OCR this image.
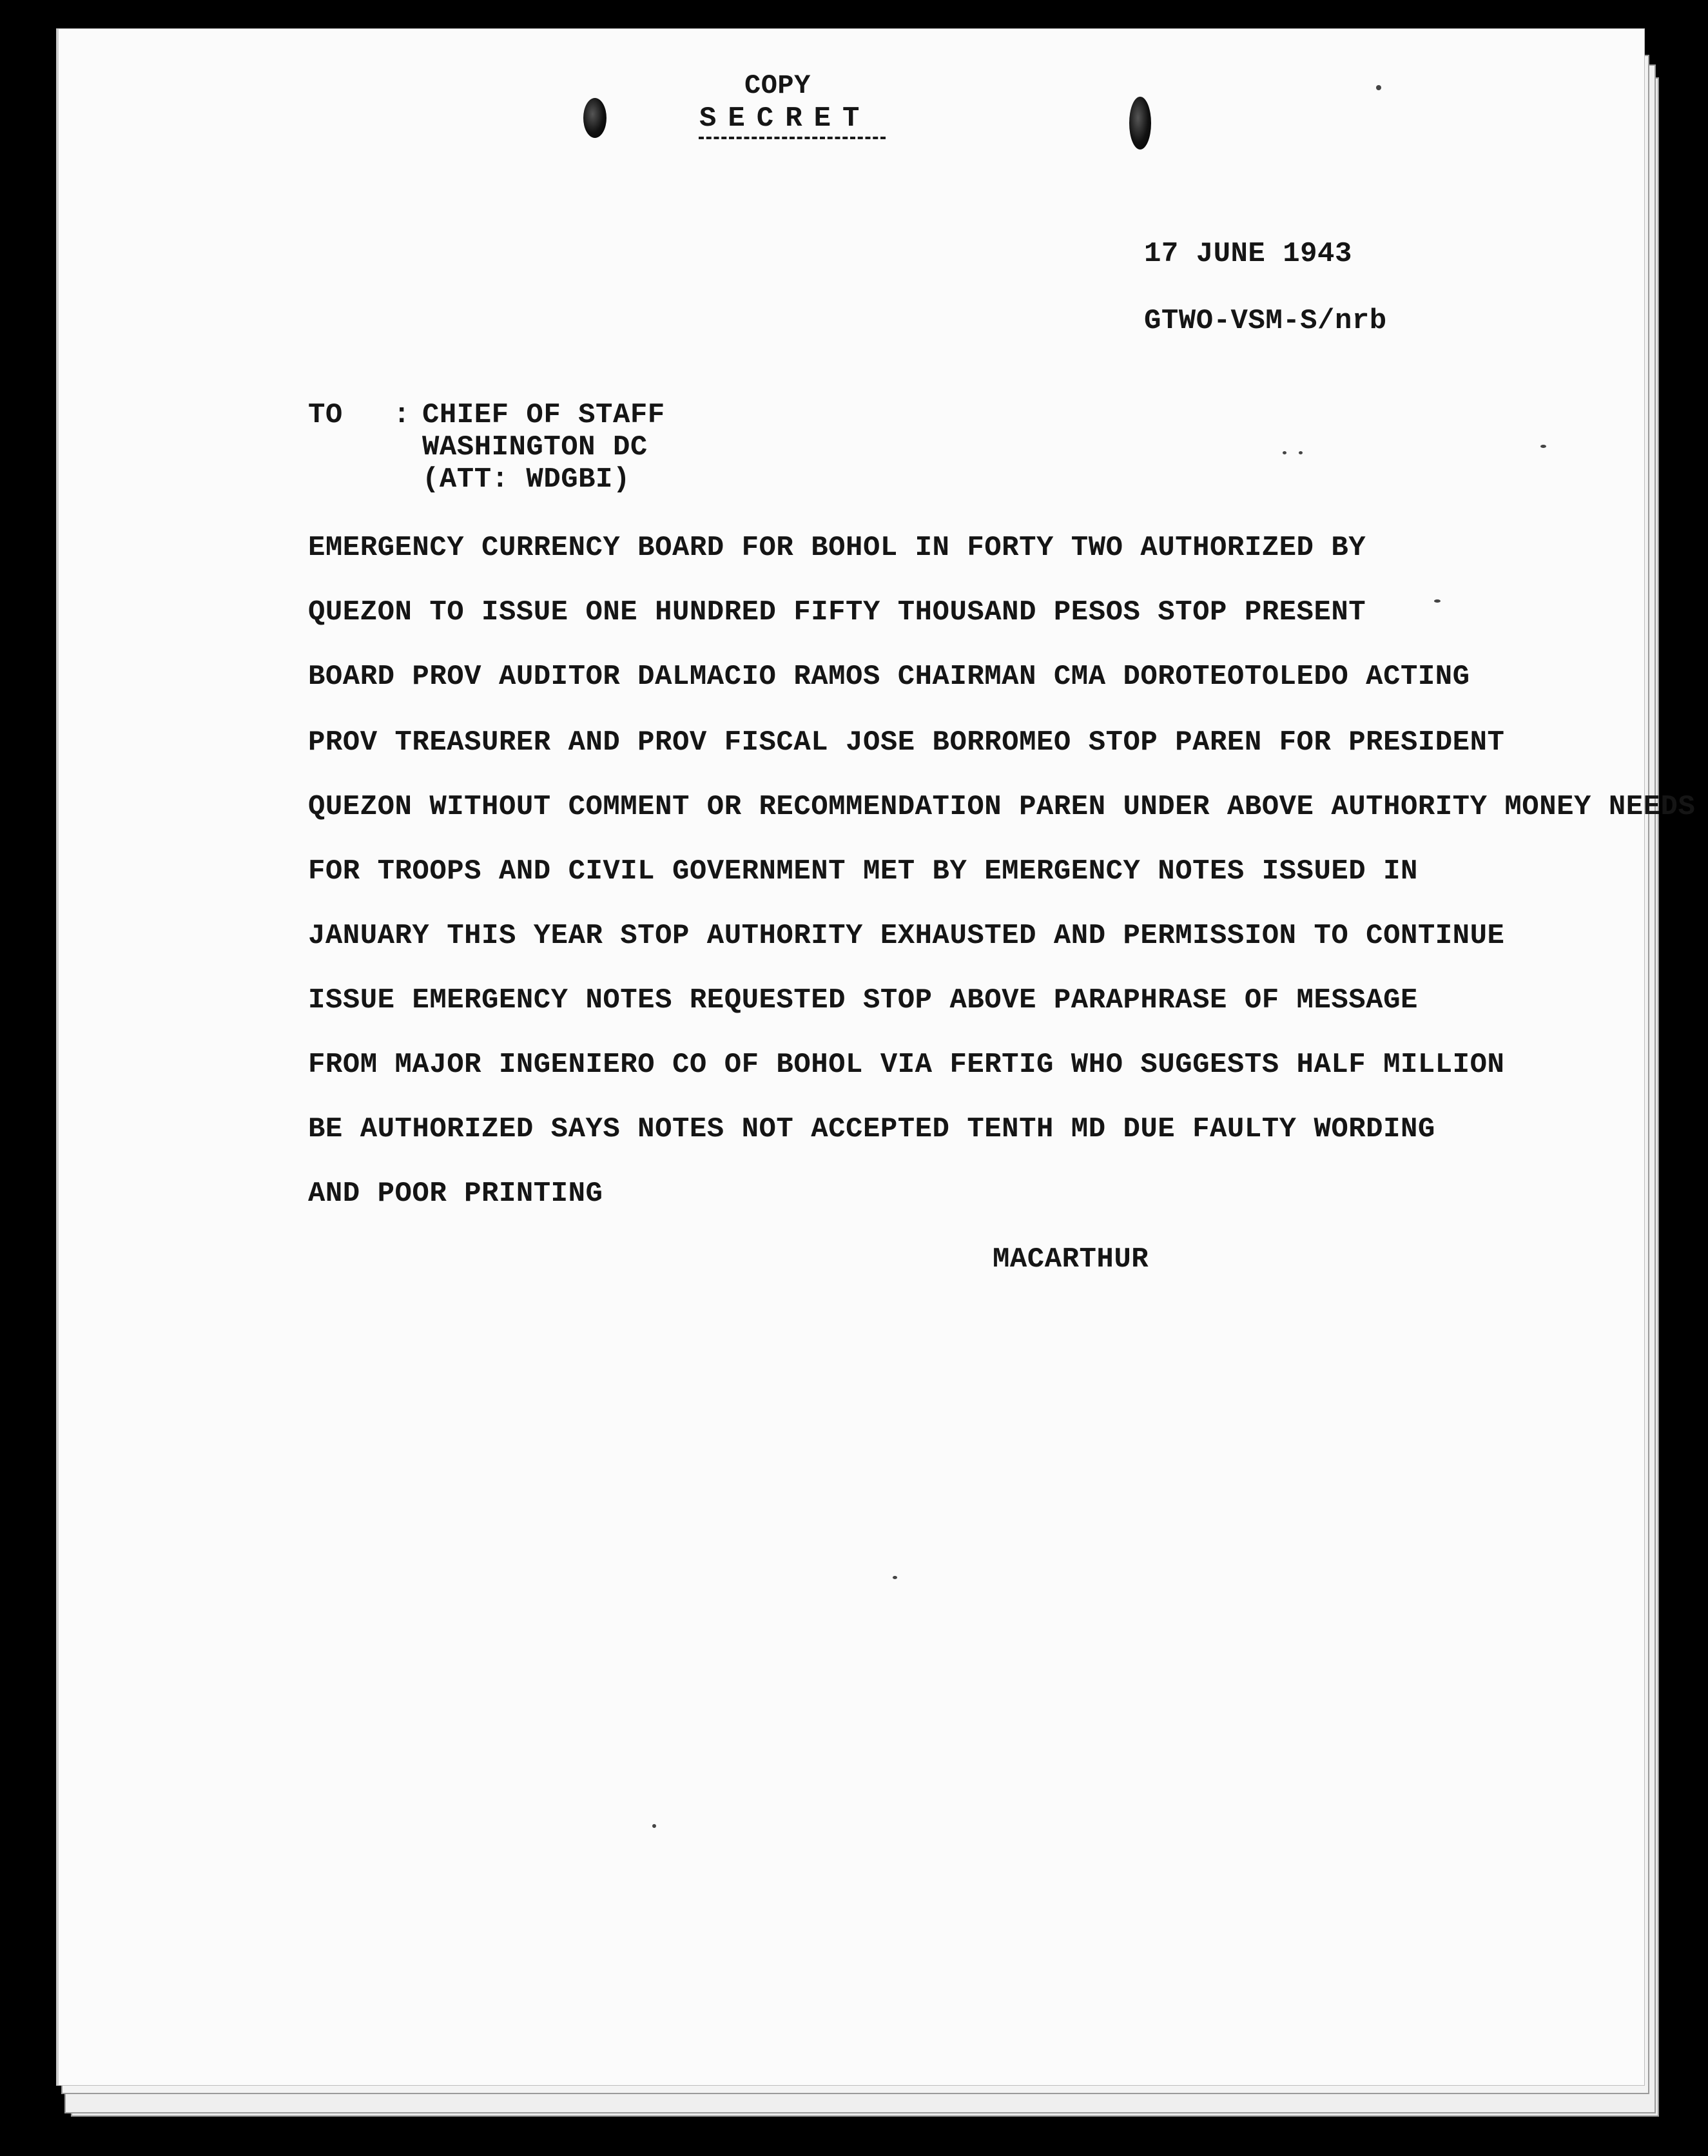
COPY
SECRET
17 JUNE 1943
GTWO-VSM-S/nrb
TO : CHIEF OF STAFF
WASHINGTON DC
(ATT: WDGBI)
EMERGENCY CURRENCY BOARD FOR BOHOL IN FORTY TWO AUTHORIZED BY
QUEZON TO ISSUE ONE HUNDRED FIFTY THOUSAND PESOS STOP PRESENT
BOARD PROV AUDITOR DALMACIO RAMOS CHAIRMAN CMA DOROTEOTOLEDO ACTING
PROV TREASURER AND PROV FISCAL JOSE BORROMEO STOP PAREN FOR PRESIDENT
QUEZON WITHOUT COMMENT OR RECOMMENDATION PAREN UNDER ABOVE AUTHORITY MONEY NEEDS
FOR TROOPS AND CIVIL GOVERNMENT MET BY EMERGENCY NOTES ISSUED IN
JANUARY THIS YEAR STOP AUTHORITY EXHAUSTED AND PERMISSION TO CONTINUE
ISSUE EMERGENCY NOTES REQUESTED STOP ABOVE PARAPHRASE OF MESSAGE
FROM MAJOR INGENIERO CO OF BOHOL VIA FERTIG WHO SUGGESTS HALF MILLION
BE AUTHORIZED SAYS NOTES NOT ACCEPTED TENTH MD DUE FAULTY WORDING
AND POOR PRINTING
MACARTHUR
